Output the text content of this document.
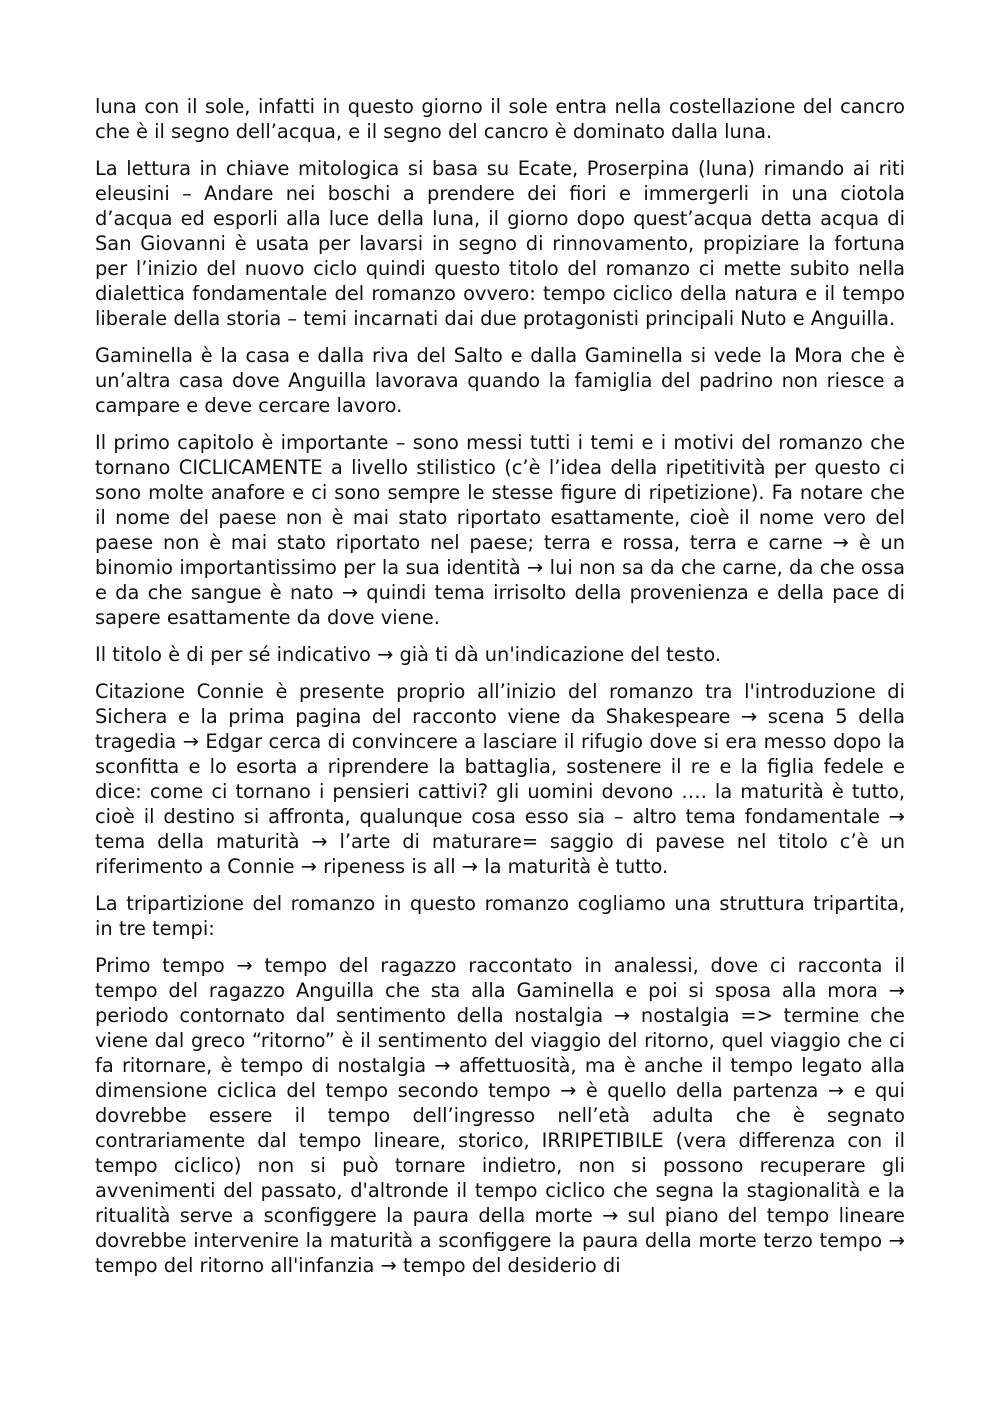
luna con il sole, infatti in questo giorno il sole entra nella costellazione del cancro che è il segno dell’acqua, e il segno del cancro è dominato dalla luna.

La lettura in chiave mitologica si basa su Ecate, Proserpina (luna) rimando ai riti eleusini – Andare nei boschi a prendere dei fiori e immergerli in una ciotola d’acqua ed esporli alla luce della luna, il giorno dopo quest’acqua detta acqua di San Giovanni è usata per lavarsi in segno di rinnovamento, propiziare la fortuna per l’inizio del nuovo ciclo quindi questo titolo del romanzo ci mette subito nella dialettica fondamentale del romanzo ovvero: tempo ciclico della natura e il tempo liberale della storia – temi incarnati dai due protagonisti principali Nuto e Anguilla.

Gaminella è la casa e dalla riva del Salto e dalla Gaminella si vede la Mora che è un’altra casa dove Anguilla lavorava quando la famiglia del padrino non riesce a campare e deve cercare lavoro.

Il primo capitolo è importante – sono messi tutti i temi e i motivi del romanzo che tornano CICLICAMENTE a livello stilistico (c’è l’idea della ripetitività per questo ci sono molte anafore e ci sono sempre le stesse figure di ripetizione). Fa notare che il nome del paese non è mai stato riportato esattamente, cioè il nome vero del paese non è mai stato riportato nel paese; terra e rossa, terra e carne → è un binomio importantissimo per la sua identità → lui non sa da che carne, da che ossa e da che sangue è nato → quindi tema irrisolto della provenienza e della pace di sapere esattamente da dove viene.

Il titolo è di per sé indicativo → già ti dà un'indicazione del testo.

Citazione Connie è presente proprio all’inizio del romanzo tra l'introduzione di Sichera e la prima pagina del racconto viene da Shakespeare → scena 5 della tragedia → Edgar cerca di convincere a lasciare il rifugio dove si era messo dopo la sconfitta e lo esorta a riprendere la battaglia, sostenere il re e la figlia fedele e dice: come ci tornano i pensieri cattivi? gli uomini devono …. la maturità è tutto, cioè il destino si affronta, qualunque cosa esso sia – altro tema fondamentale → tema della maturità → l’arte di maturare= saggio di pavese nel titolo c’è un riferimento a Connie → ripeness is all → la maturità è tutto.

La tripartizione del romanzo in questo romanzo cogliamo una struttura tripartita, in tre tempi:

Primo tempo → tempo del ragazzo raccontato in analessi, dove ci racconta il tempo del ragazzo Anguilla che sta alla Gaminella e poi si sposa alla mora → periodo contornato dal sentimento della nostalgia → nostalgia => termine che viene dal greco “ritorno” è il sentimento del viaggio del ritorno, quel viaggio che ci fa ritornare, è tempo di nostalgia → affettuosità, ma è anche il tempo legato alla dimensione ciclica del tempo secondo tempo → è quello della partenza → e qui dovrebbe essere il tempo dell’ingresso nell’età adulta che è segnato contrariamente dal tempo lineare, storico, IRRIPETIBILE (vera differenza con il tempo ciclico) non si può tornare indietro, non si possono recuperare gli avvenimenti del passato, d'altronde il tempo ciclico che segna la stagionalità e la ritualità serve a sconfiggere la paura della morte → sul piano del tempo lineare dovrebbe intervenire la maturità a sconfiggere la paura della morte terzo tempo → tempo del ritorno all'infanzia → tempo del desiderio di
